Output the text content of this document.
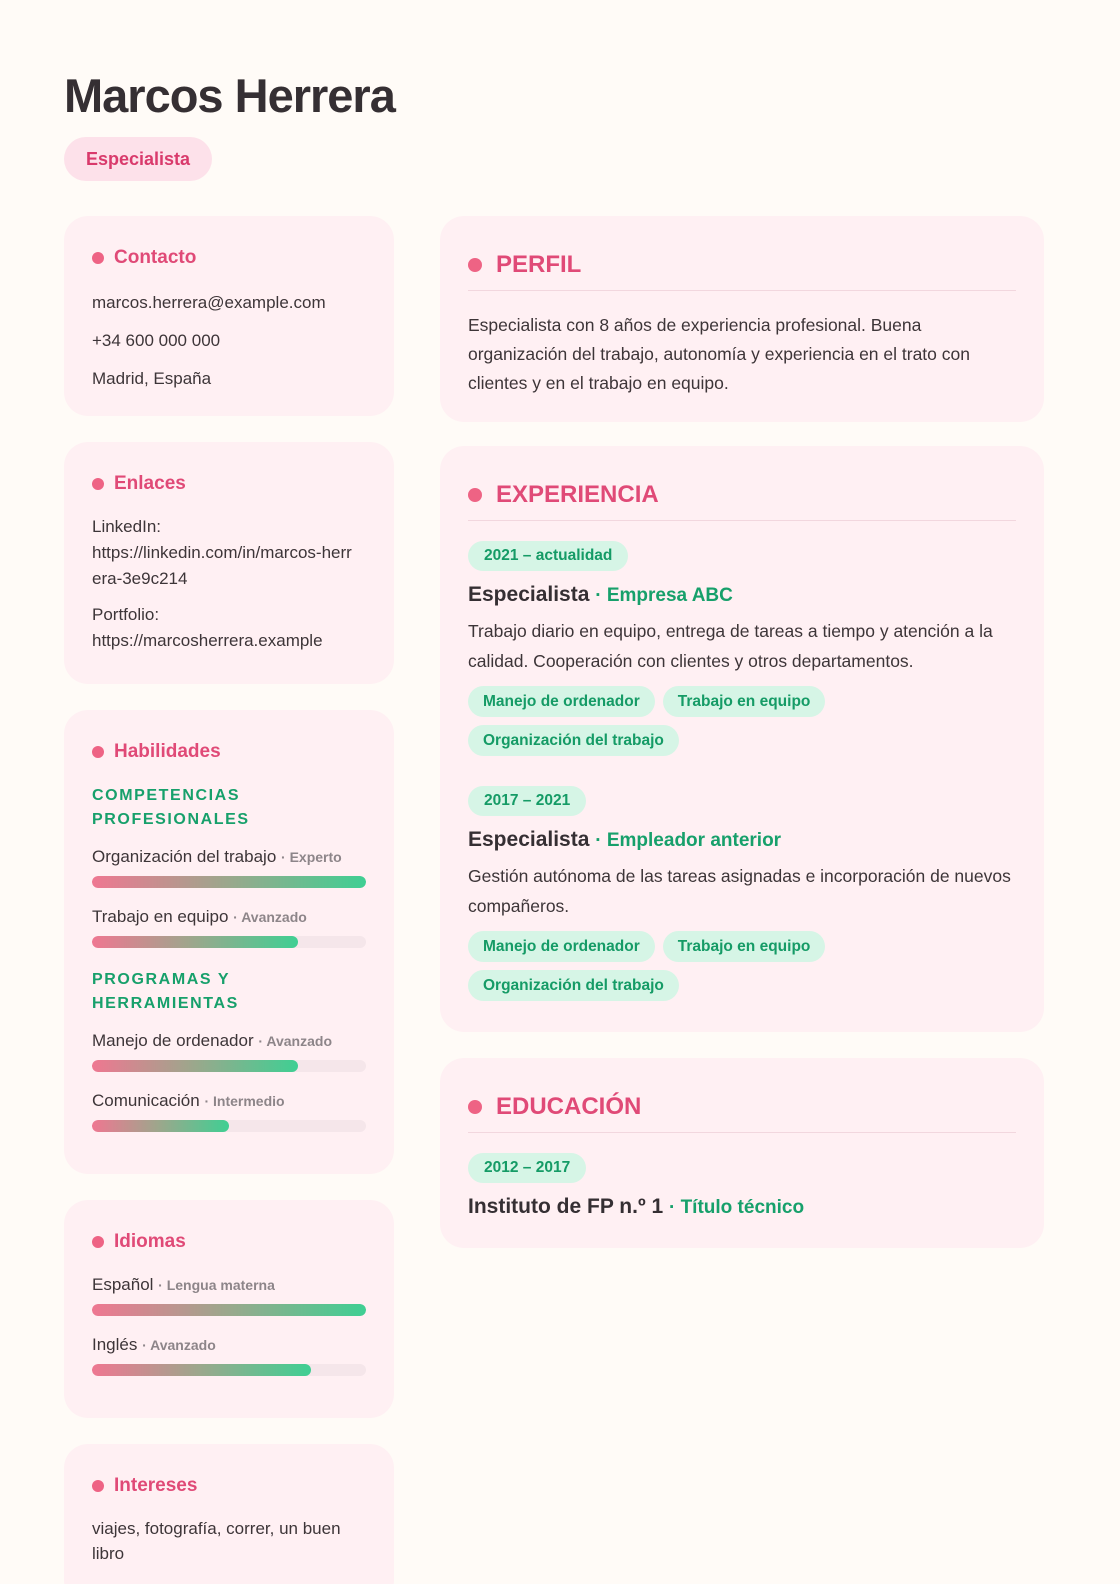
Marcos Herrera
Especialista
Contacto
marcos.herrera@example.com
+34 600 000 000
Madrid, España
Enlaces
LinkedIn:
https://linkedin.com/in/marcos-herrera-3e9c214
Portfolio:
https://marcosherrera.example
Habilidades
COMPETENCIAS PROFESIONALES
Organización del trabajo · Experto
Trabajo en equipo · Avanzado
PROGRAMAS Y HERRAMIENTAS
Manejo de ordenador · Avanzado
Comunicación · Intermedio
Idiomas
Español · Lengua materna
Inglés · Avanzado
Intereses
viajes, fotografía, correr, un buen libro
PERFIL
Especialista con 8 años de experiencia profesional. Buena organización del trabajo, autonomía y experiencia en el trato con clientes y en el trabajo en equipo.
EXPERIENCIA
2021 – actualidad
Especialista · Empresa ABC
Trabajo diario en equipo, entrega de tareas a tiempo y atención a la calidad. Cooperación con clientes y otros departamentos.
Manejo de ordenador	Trabajo en equipo
Organización del trabajo
2017 – 2021
Especialista · Empleador anterior
Gestión autónoma de las tareas asignadas e incorporación de nuevos compañeros.
Manejo de ordenador	Trabajo en equipo
Organización del trabajo
EDUCACIÓN
2012 – 2017
Instituto de FP n.º 1 · Título técnico
